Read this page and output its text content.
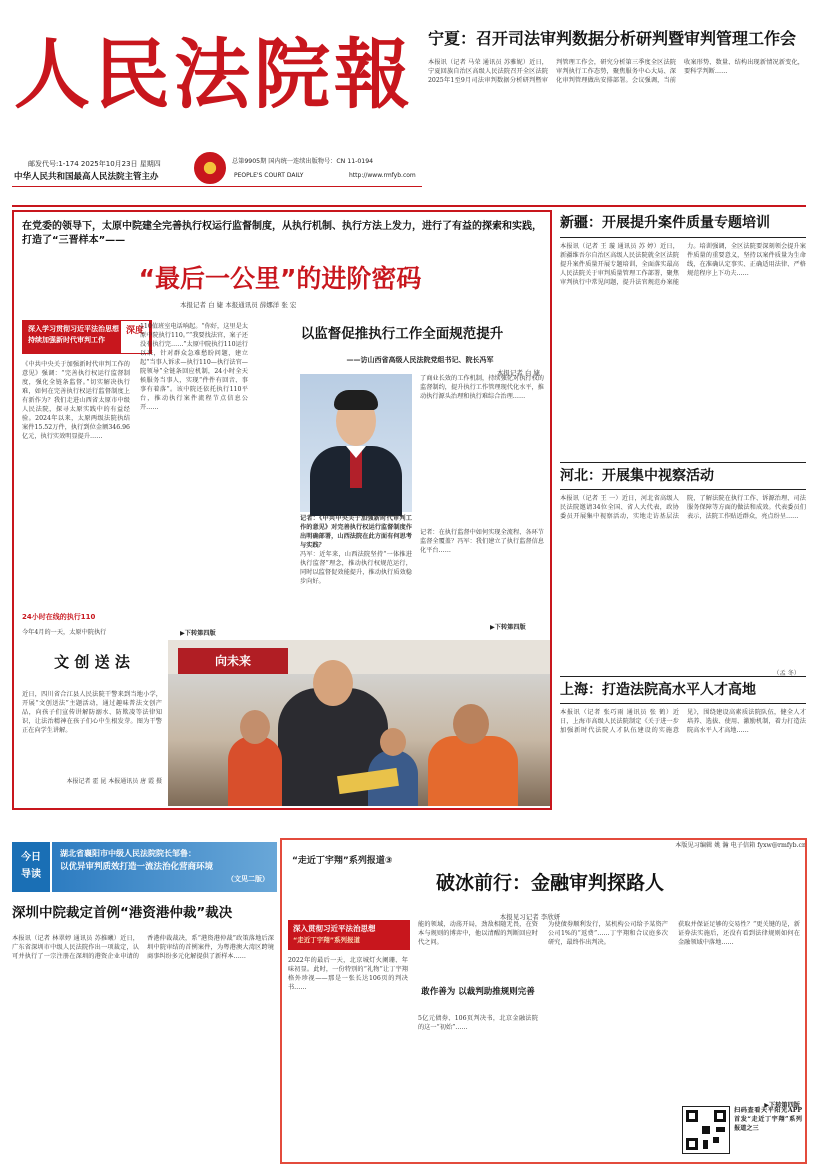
人民法院報
邮发代号:1-174 2025年10月23日 星期四
中华人民共和国最高人民法院主管主办
总第9905期 国内统一连续出版物号：CN 11-0194
PEOPLE'S COURT DAILY	http://www.rmfyb.com
宁夏：召开司法审判数据分析研判暨审判管理工作会
本报讯（记者 马荣 通讯员 苏雅妮）近日，宁夏回族自治区高级人民法院召开全区法院2025年1至9月司法审判数据分析研判暨审判管理工作会，研究分析第三季度全区法院审判执行工作态势，聚焦服务中心大局、深化审判管理做出安排部署。会议强调，当前收案形势、数量、结构出现新情况新变化，要科学判断……
在党委的领导下，太原中院建全完善执行权运行监督制度，从执行机制、执行方法上发力，进行了有益的探索和实践，打造了“三晋样本”——
“最后一公里”的进阶密码
本报记者 白 婕 本报通讯员 薛娜洋 张 宏
深入学习贯彻习近平法治思想
持续加强新时代审判工作
深度
《中共中央关于加强新时代审判工作的意见》强调：“完善执行权运行监督制度，强化全链条监督。”切实解决执行难，如何在完善执行权运行监督制度上有新作为？我们走进山西省太原市中级人民法院，探寻太原实践中的有益经验。2024年以来，太原两级法院执结案件15.52万件，执行到位金额346.96亿元，执行实效明显提升……
24小时在线的执行110
今年4月的一天，太原中院执行
110值班室电话响起。“你好，这里是太原中院执行110。”“我要找法官，案子还没有执行完……”太原中院执行110运行以来，针对群众急难愁盼问题，建立起“当事人诉求—执行110—执行法官—院领导”全链条回应机制，24小时全天候服务当事人，实现“件件有回音、事事有着落”。该中院还依托执行110平台，推动执行案件流程节点信息公开……
▶下转第四版
以监督促推执行工作全面规范提升
——访山西省高级人民法院党组书记、院长冯军
本报记者 白 婕
记者：《中共中央关于加强新时代审判工作的意见》对完善执行权运行监督制度作出明确部署，山西法院在此方面有何思考与实践？
了商业长效的工作机制，持续强化对执行权的监督制约，提升执行工作管理现代化水平，推动执行源头治理和执行难综合治理……
冯军：近年来，山西法院坚持“一体推进执行监督”理念，推动执行权规范运行，同时以监督促效能提升，推动执行质效稳步向好。
记者：在执行监督中如何实现全流程、各环节监督全覆盖？冯军：我们建立了执行监督信息化平台……
▶下转第四版
向未来
文 创 送 法
近日，四川省合江县人民法院干警来到当地小学，开展“文创送法”主题活动，通过趣味普法文创产品，向孩子们宣传讲解防溺水、防欺凌等法律知识，让法治精神在孩子们心中生根发芽。图为干警正在向学生讲解。
本报记者 霍 昆 本报通讯员 唐 霞 摄
新疆：开展提升案件质量专题培训
本报讯（记者 王 璇 通讯员 苏 婷）近日，新疆维吾尔自治区高级人民法院就全区法院提升案件质量开展专题培训，全面落实最高人民法院关于审判质量管理工作部署，聚焦审判执行中常见问题，提升法官规范办案能力。培训强调，全区法院要深刻领会提升案件质量的重要意义，坚持以案件质量为生命线，在准确认定事实、正确适用法律、严格规范程序上下功夫……
河北：开展集中视察活动
本报讯（记者 王 一）近日，河北省高级人民法院邀请34位全国、省人大代表，政协委员开展集中视察活动，实地走访基层法院，了解法院在执行工作、诉源治理、司法服务保障等方面的做法和成效。代表委员们表示，法院工作贴近群众，亮点纷呈……
（孟 冬）
上海：打造法院高水平人才高地
本报讯（记者 张巧雨 通讯员 张 鹤）近日，上海市高级人民法院制定《关于进一步加强新时代法院人才队伍建设的实施意见》，围绕建设高素质法院队伍，健全人才培养、选拔、使用、激励机制，着力打造法院高水平人才高地……
本版见习编辑 姚 瀚 电子信箱 fyxw@rmfyb.cn
今日
导读
湖北省襄阳市中级人民法院院长邹鲁：
以优异审判质效打造一流法治化营商环境
（文见二版）
深圳中院裁定首例“港资港仲裁”裁决
本报讯（记者 林翠婷 通讯员 苏推曦）近日，广东省深圳市中级人民法院作出一项裁定，认可并执行了一宗注册在深圳的港资企业申请的香港仲裁裁决，系“港资港仲裁”政策落地后深圳中院审结的首例案件，为粤港澳大湾区跨境商事纠纷多元化解提供了新样本……
“走近丁宇翔”系列报道③
破冰前行：金融审判探路人
本报见习记者 李欣妍
深入贯彻习近平法治思想
“走近丁宇翔”系列报道
2022年的最后一天，北京城灯火阑珊、年味初显。此时，一份特别的“礼物”让丁宇翔格外珍视——那是一张长达106页的判决书……
能的领域，动荡开局，劲敌相随无畏，在资本与规则的博弈中，他以清醒的判断回应时代之问。
敢作善为 以裁判助推规则完善
5亿元债券、106页判决书，北京金融法院的这一“初始”……
为使债券顺利发行，某机构公司给予某资产公司1%的“返费”……丁宇翔和合议庭多次研究，最终作出判决。
获取并保证足够的交易性？“更关键的是，新证券法实施后，还没有看到法律规则如何在金融领域中落地……
▶下转第四版
扫码查看天平阳光APP首发“走近丁宇翔”系列报道之三
